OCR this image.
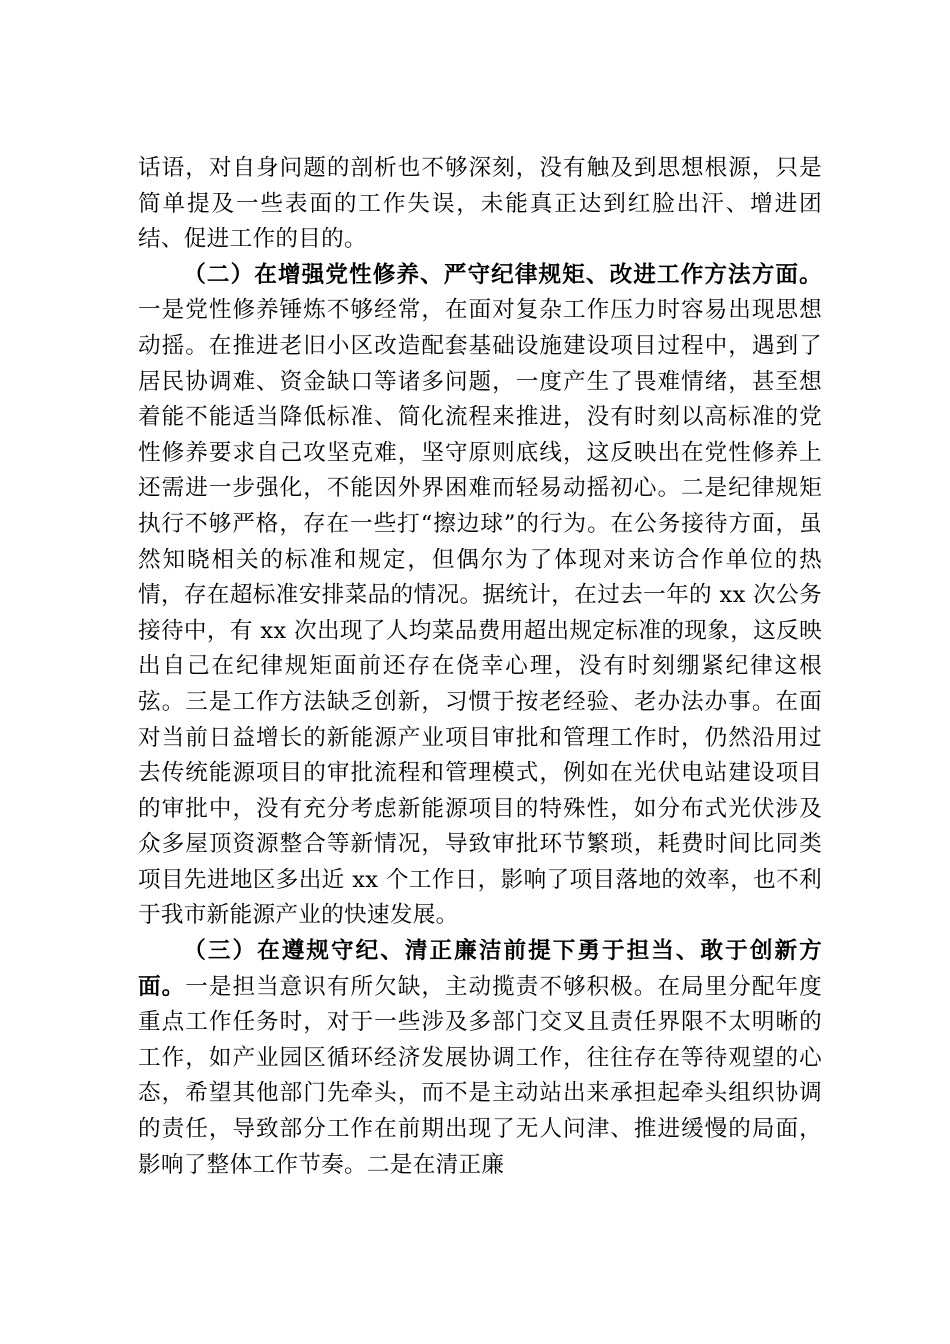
话语，对自身问题的剖析也不够深刻，没有触及到思想根源，只是简单提及一些表面的工作失误，未能真正达到红脸出汗、增进团结、促进工作的目的。

（二）在增强党性修养、严守纪律规矩、改进工作方法方面。一是党性修养锤炼不够经常，在面对复杂工作压力时容易出现思想动摇。在推进老旧小区改造配套基础设施建设项目过程中，遇到了居民协调难、资金缺口等诸多问题，一度产生了畏难情绪，甚至想着能不能适当降低标准、简化流程来推进，没有时刻以高标准的党性修养要求自己攻坚克难，坚守原则底线，这反映出在党性修养上还需进一步强化，不能因外界困难而轻易动摇初心。二是纪律规矩执行不够严格，存在一些打“擦边球”的行为。在公务接待方面，虽然知晓相关的标准和规定，但偶尔为了体现对来访合作单位的热情，存在超标准安排菜品的情况。据统计，在过去一年的 xx 次公务接待中，有 xx 次出现了人均菜品费用超出规定标准的现象，这反映出自己在纪律规矩面前还存在侥幸心理，没有时刻绷紧纪律这根弦。三是工作方法缺乏创新，习惯于按老经验、老办法办事。在面对当前日益增长的新能源产业项目审批和管理工作时，仍然沿用过去传统能源项目的审批流程和管理模式，例如在光伏电站建设项目的审批中，没有充分考虑新能源项目的特殊性，如分布式光伏涉及众多屋顶资源整合等新情况，导致审批环节繁琐，耗费时间比同类项目先进地区多出近 xx 个工作日，影响了项目落地的效率，也不利于我市新能源产业的快速发展。

（三）在遵规守纪、清正廉洁前提下勇于担当、敢于创新方面。一是担当意识有所欠缺，主动揽责不够积极。在局里分配年度重点工作任务时，对于一些涉及多部门交叉且责任界限不太明晰的工作，如产业园区循环经济发展协调工作，往往存在等待观望的心态，希望其他部门先牵头，而不是主动站出来承担起牵头组织协调的责任，导致部分工作在前期出现了无人问津、推进缓慢的局面，影响了整体工作节奏。二是在清正廉
